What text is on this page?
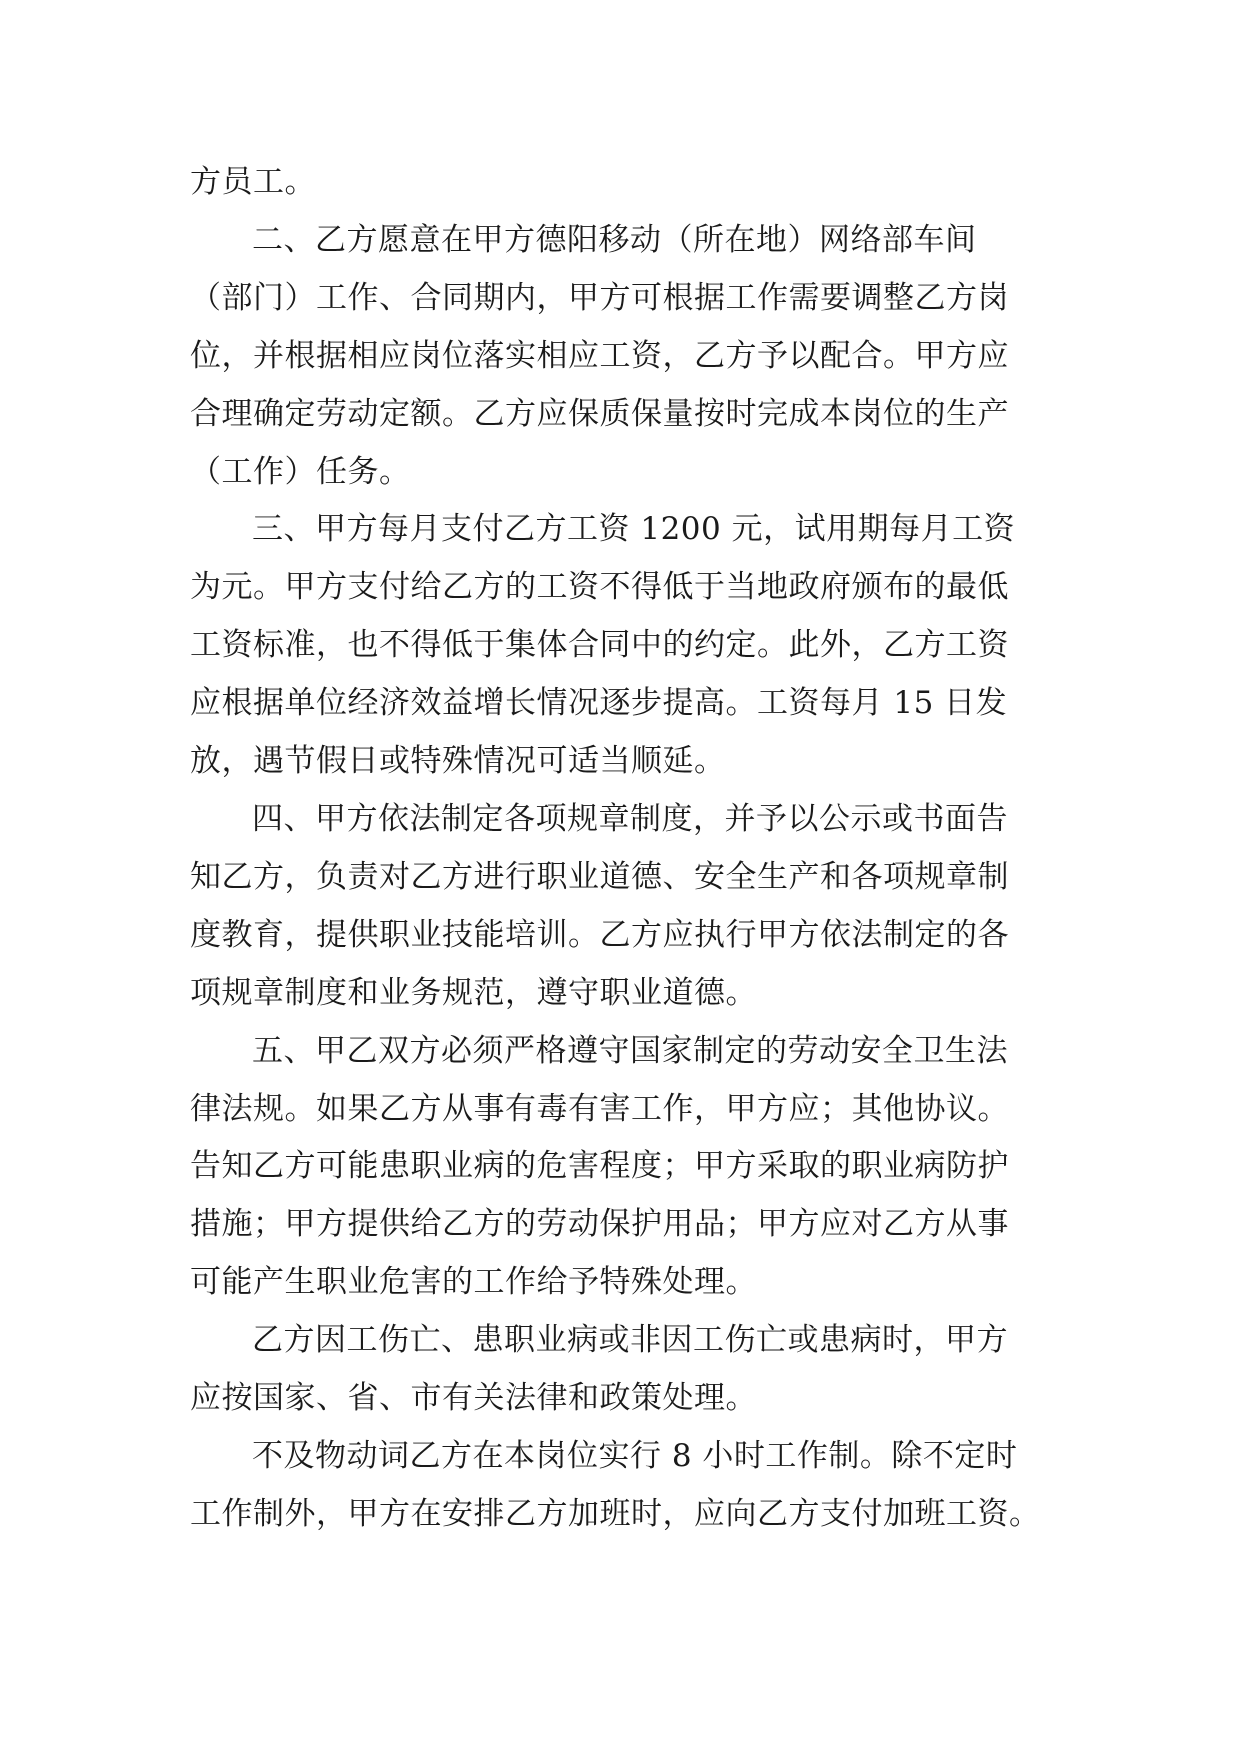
方员工。
二、乙方愿意在甲方德阳移动（所在地）网络部车间
（部门）工作、合同期内，甲方可根据工作需要调整乙方岗
位，并根据相应岗位落实相应工资，乙方予以配合。甲方应
合理确定劳动定额。乙方应保质保量按时完成本岗位的生产
（工作）任务。
三、甲方每月支付乙方工资 1200 元，试用期每月工资
为元。甲方支付给乙方的工资不得低于当地政府颁布的最低
工资标准，也不得低于集体合同中的约定。此外，乙方工资
应根据单位经济效益增长情况逐步提高。工资每月 15 日发
放，遇节假日或特殊情况可适当顺延。
四、甲方依法制定各项规章制度，并予以公示或书面告
知乙方，负责对乙方进行职业道德、安全生产和各项规章制
度教育，提供职业技能培训。乙方应执行甲方依法制定的各
项规章制度和业务规范，遵守职业道德。
五、甲乙双方必须严格遵守国家制定的劳动安全卫生法
律法规。如果乙方从事有毒有害工作，甲方应；其他协议。
告知乙方可能患职业病的危害程度；甲方采取的职业病防护
措施；甲方提供给乙方的劳动保护用品；甲方应对乙方从事
可能产生职业危害的工作给予特殊处理。
乙方因工伤亡、患职业病或非因工伤亡或患病时，甲方
应按国家、省、市有关法律和政策处理。
不及物动词乙方在本岗位实行 8 小时工作制。除不定时
工作制外，甲方在安排乙方加班时，应向乙方支付加班工资。
